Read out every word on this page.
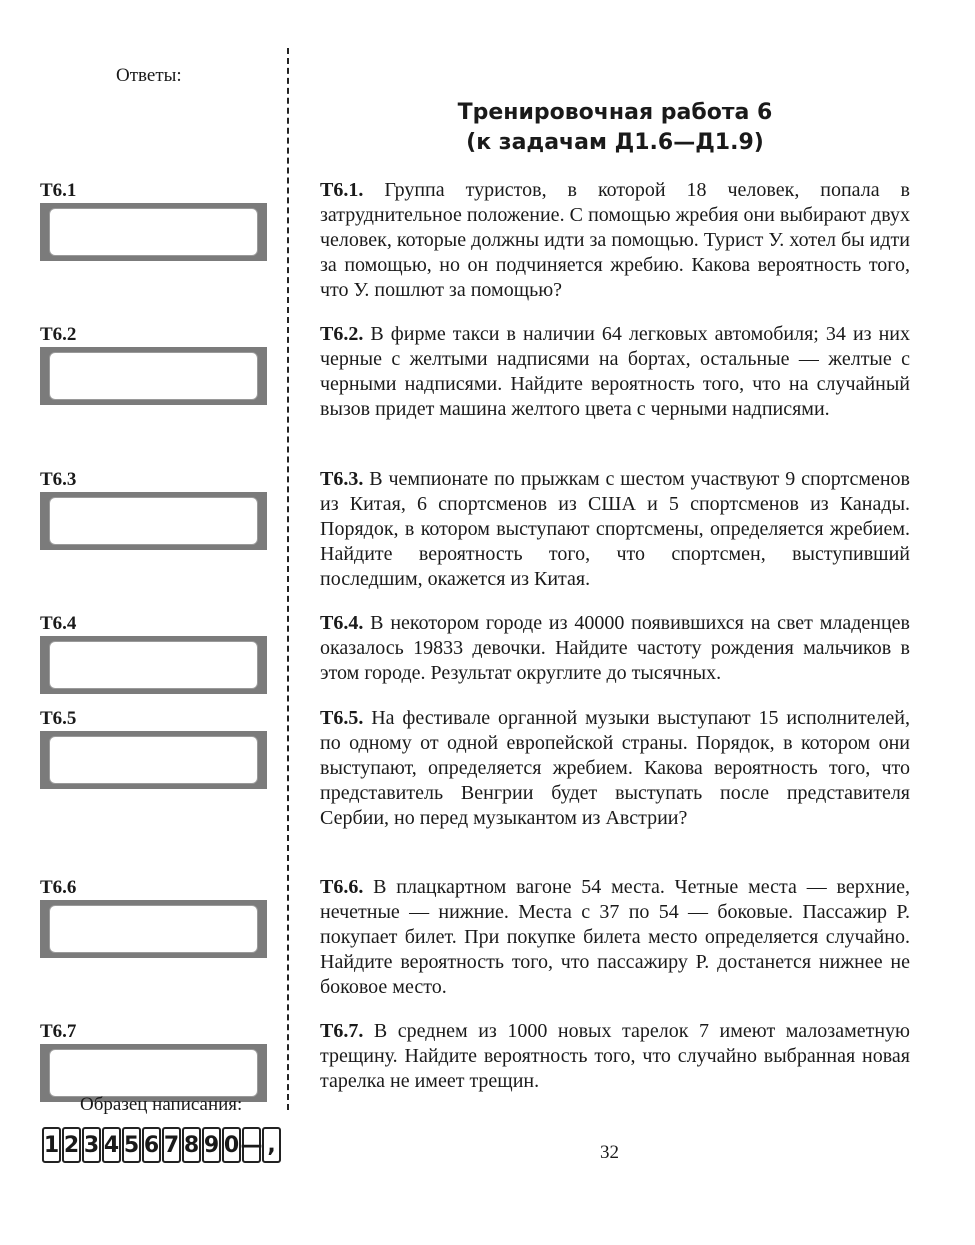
Ответы:
Т6.1
Т6.2
Т6.3
Т6.4
Т6.5
Т6.6
Т6.7
Тренировочная работа 6
(к задачам Д1.6—Д1.9)
Т6.1. Группа туристов, в которой 18 человек, попала в затруднительное положение. С помощью жребия они выбирают двух человек, которые должны идти за помощью. Турист У. хотел бы идти за помощью, но он подчиняется жребию. Какова вероятность того, что У. пошлют за помощью?
Т6.2. В фирме такси в наличии 64 легковых автомобиля; 34 из них черные с желтыми надписями на бортах, остальные — желтые с черными надписями. Найдите вероятность того, что на случайный вызов придет машина желтого цвета с черными надписями.
Т6.3. В чемпионате по прыжкам с шестом участвуют 9 спортсменов из Китая, 6 спортсменов из США и 5 спортсменов из Канады. Порядок, в котором выступают спортсмены, определяется жребием. Найдите вероятность того, что спортсмен, выступивший последшим, окажется из Китая.
Т6.4. В некотором городе из 40000 появившихся на свет младенцев оказалось 19833 девочки. Найдите частоту рождения мальчиков в этом городе. Результат округлите до тысячных.
Т6.5. На фестивале органной музыки выступают 15 исполнителей, по одному от одной европейской страны. Порядок, в котором они выступают, определяется жребием. Какова вероятность того, что представитель Венгрии будет выступать после представителя Сербии, но перед музыкантом из Австрии?
Т6.6. В плацкартном вагоне 54 места. Четные места — верхние, нечетные — нижние. Места с 37 по 54 — боковые. Пассажир Р. покупает билет. При покупке билета место определяется случайно. Найдите вероятность того, что пассажиру Р. достанется нижнее не боковое место.
Т6.7. В среднем из 1000 новых тарелок 7 имеют малозаметную трещину. Найдите вероятность того, что случайно выбранная новая тарелка не имеет трещин.
Образец написания:
1 2 3 4 5 6 7 8 9 0 — ,	32
